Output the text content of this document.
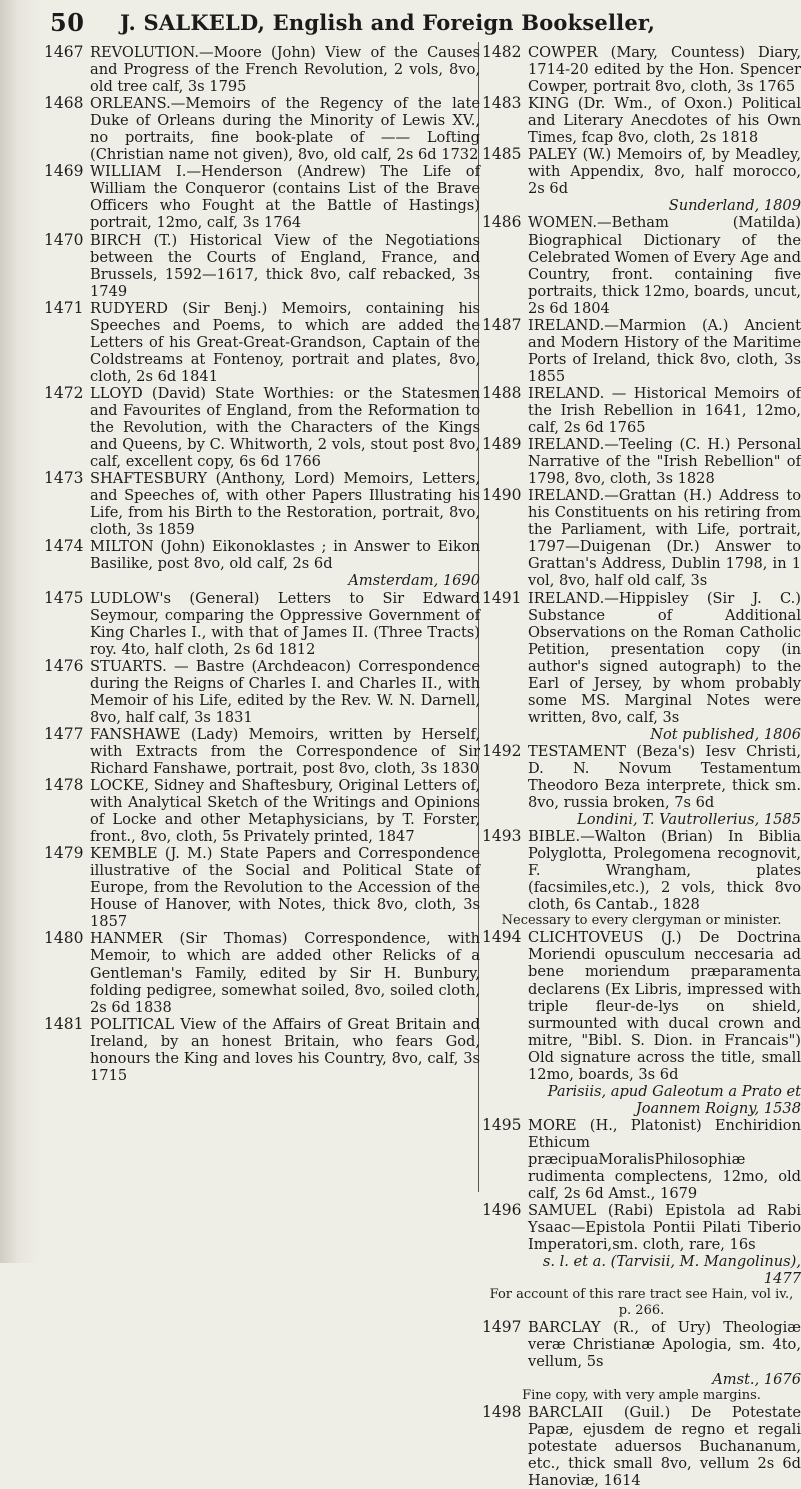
50 J. SALKELD, English and Foreign Bookseller,
1467 REVOLUTION.—Moore (John) View of the Causes and Progress of the French Revolution, 2 vols, 8vo, old tree calf, 3s 1795
1468 ORLEANS.—Memoirs of the Regency of the late Duke of Orleans during the Minority of Lewis XV., no portraits, fine book-plate of —— Lofting (Christian name not given), 8vo, old calf, 2s 6d 1732
1469 WILLIAM I.—Henderson (Andrew) The Life of William the Conqueror (contains List of the Brave Officers who Fought at the Battle of Hastings) portrait, 12mo, calf, 3s 1764
1470 BIRCH (T.) Historical View of the Negotiations between the Courts of England, France, and Brussels, 1592—1617, thick 8vo, calf rebacked, 3s 1749
1471 RUDYERD (Sir Benj.) Memoirs, containing his Speeches and Poems, to which are added the Letters of his Great-Great-Grandson, Captain of the Coldstreams at Fontenoy, portrait and plates, 8vo, cloth, 2s 6d 1841
1472 LLOYD (David) State Worthies: or the Statesmen and Favourites of England, from the Reformation to the Revolution, with the Characters of the Kings and Queens, by C. Whitworth, 2 vols, stout post 8vo, calf, excellent copy, 6s 6d 1766
1473 SHAFTESBURY (Anthony, Lord) Memoirs, Letters, and Speeches of, with other Papers Illustrating his Life, from his Birth to the Restoration, portrait, 8vo, cloth, 3s 1859
1474 MILTON (John) Eikonoklastes ; in Answer to Eikon Basilike, post 8vo, old calf, 2s 6d
Amsterdam, 1690
1475 LUDLOW's (General) Letters to Sir Edward Seymour, comparing the Oppressive Government of King Charles I., with that of James II. (Three Tracts) roy. 4to, half cloth, 2s 6d 1812
1476 STUARTS. — Bastre (Archdeacon) Correspondence during the Reigns of Charles I. and Charles II., with Memoir of his Life, edited by the Rev. W. N. Darnell, 8vo, half calf, 3s 1831
1477 FANSHAWE (Lady) Memoirs, written by Herself, with Extracts from the Correspondence of Sir Richard Fanshawe, portrait, post 8vo, cloth, 3s 1830
1478 LOCKE, Sidney and Shaftesbury, Original Letters of, with Analytical Sketch of the Writings and Opinions of Locke and other Metaphysicians, by T. Forster, front., 8vo, cloth, 5s Privately printed, 1847
1479 KEMBLE (J. M.) State Papers and Correspondence illustrative of the Social and Political State of Europe, from the Revolution to the Accession of the House of Hanover, with Notes, thick 8vo, cloth, 3s 1857
1480 HANMER (Sir Thomas) Correspondence, with Memoir, to which are added other Relicks of a Gentleman's Family, edited by Sir H. Bunbury, folding pedigree, somewhat soiled, 8vo, soiled cloth, 2s 6d 1838
1481 POLITICAL View of the Affairs of Great Britain and Ireland, by an honest Britain, who fears God, honours the King and loves his Country, 8vo, calf, 3s 1715
1482 COWPER (Mary, Countess) Diary, 1714-20 edited by the Hon. Spencer Cowper, portrait 8vo, cloth, 3s 1765
1483 KING (Dr. Wm., of Oxon.) Political and Literary Anecdotes of his Own Times, fcap 8vo, cloth, 2s 1818
1485 PALEY (W.) Memoirs of, by Meadley, with Appendix, 8vo, half morocco, 2s 6d
Sunderland, 1809
1486 WOMEN.—Betham (Matilda) Biographical Dictionary of the Celebrated Women of Every Age and Country, front. containing five portraits, thick 12mo, boards, uncut, 2s 6d 1804
1487 IRELAND.—Marmion (A.) Ancient and Modern History of the Maritime Ports of Ireland, thick 8vo, cloth, 3s 1855
1488 IRELAND. — Historical Memoirs of the Irish Rebellion in 1641, 12mo, calf, 2s 6d 1765
1489 IRELAND.—Teeling (C. H.) Personal Narrative of the "Irish Rebellion" of 1798, 8vo, cloth, 3s 1828
1490 IRELAND.—Grattan (H.) Address to his Constituents on his retiring from the Parliament, with Life, portrait, 1797—Duigenan (Dr.) Answer to Grattan's Address, Dublin 1798, in 1 vol, 8vo, half old calf, 3s
1491 IRELAND.—Hippisley (Sir J. C.) Substance of Additional Observations on the Roman Catholic Petition, presentation copy (in author's signed autograph) to the Earl of Jersey, by whom probably some MS. Marginal Notes were written, 8vo, calf, 3s
Not published, 1806
1492 TESTAMENT (Beza's) Iesv Christi, D. N. Novum Testamentum Theodoro Beza interprete, thick sm. 8vo, russia broken, 7s 6d
Londini, T. Vautrollerius, 1585
1493 BIBLE.—Walton (Brian) In Biblia Polyglotta, Prolegomena recognovit, F. Wrangham, plates (facsimiles,etc.), 2 vols, thick 8vo cloth, 6s Cantab., 1828
Necessary to every clergyman or minister.
1494 CLICHTOVEUS (J.) De Doctrina Moriendi opusculum neccesaria ad bene moriendum præparamenta declarens (Ex Libris, impressed with triple fleur-de-lys on shield, surmounted with ducal crown and mitre, "Bibl. S. Dion. in Francais") Old signature across the title, small 12mo, boards, 3s 6d
Parisiis, apud Galeotum a Prato et Joannem Roigny, 1538
1495 MORE (H., Platonist) Enchiridion Ethicum præcipuaMoralisPhilosophiæ rudimenta complectens, 12mo, old calf, 2s 6d Amst., 1679
1496 SAMUEL (Rabi) Epistola ad Rabi Ysaac—Epistola Pontii Pilati Tiberio Imperatori,sm. cloth, rare, 16s
s. l. et a. (Tarvisii, M. Mangolinus), 1477
For account of this rare tract see Hain, vol iv., p. 266.
1497 BARCLAY (R., of Ury) Theologiæ veræ Christianæ Apologia, sm. 4to, vellum, 5s
Amst., 1676
Fine copy, with very ample margins.
1498 BARCLAII (Guil.) De Potestate Papæ, ejusdem de regno et regali potestate aduersos Buchananum, etc., thick small 8vo, vellum 2s 6d Hanoviæ, 1614
